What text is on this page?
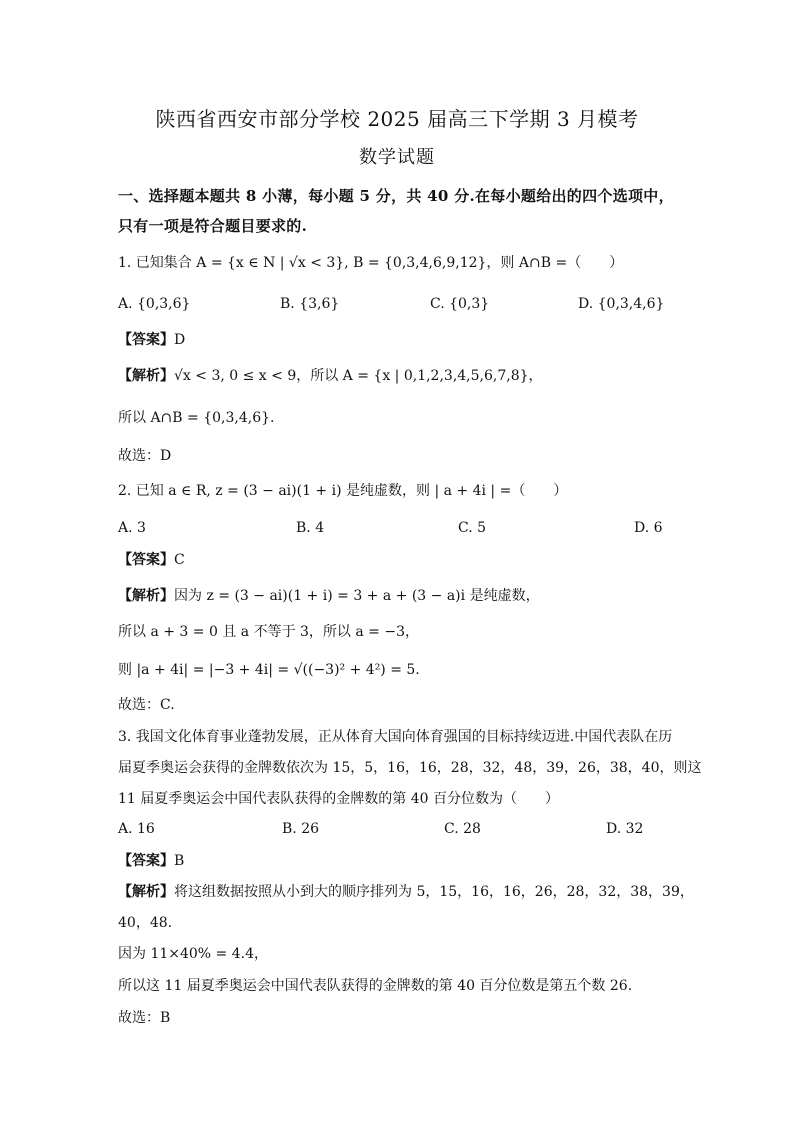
陕西省西安市部分学校 2025 届高三下学期 3 月模考
数学试题
一、选择题本题共 8 小薄，每小题 5 分，共 40 分.在每小题给出的四个选项中，
只有一项是符合题目要求的.
1. 已知集合 A = {x ∈ N | √x < 3}, B = {0,3,4,6,9,12}，则 A∩B =（　　）
A. {0,3,6}	B. {3,6}	C. {0,3}	D. {0,3,4,6}
【答案】D
【解析】√x < 3, 0 ≤ x < 9，所以 A = {x | 0,1,2,3,4,5,6,7,8}，
所以 A∩B = {0,3,4,6}.
故选：D
2. 已知 a ∈ R, z = (3 − ai)(1 + i) 是纯虚数，则 | a + 4i | =（　　）
A. 3	B. 4	C. 5	D. 6
【答案】C
【解析】因为 z = (3 − ai)(1 + i) = 3 + a + (3 − a)i 是纯虚数，
所以 a + 3 = 0 且 a 不等于 3，所以 a = −3，
则 |a + 4i| = |−3 + 4i| = √((−3)² + 4²) = 5.
故选：C.
3. 我国文化体育事业蓬勃发展，正从体育大国向体育强国的目标持续迈进.中国代表队在历
届夏季奥运会获得的金牌数依次为 15，5，16，16，28，32，48，39，26，38，40，则这
11 届夏季奥运会中国代表队获得的金牌数的第 40 百分位数为（　　）
A. 16	B. 26	C. 28	D. 32
【答案】B
【解析】将这组数据按照从小到大的顺序排列为 5，15，16，16，26，28，32，38，39，
40，48.
因为 11×40% = 4.4，
所以这 11 届夏季奥运会中国代表队获得的金牌数的第 40 百分位数是第五个数 26.
故选：B
